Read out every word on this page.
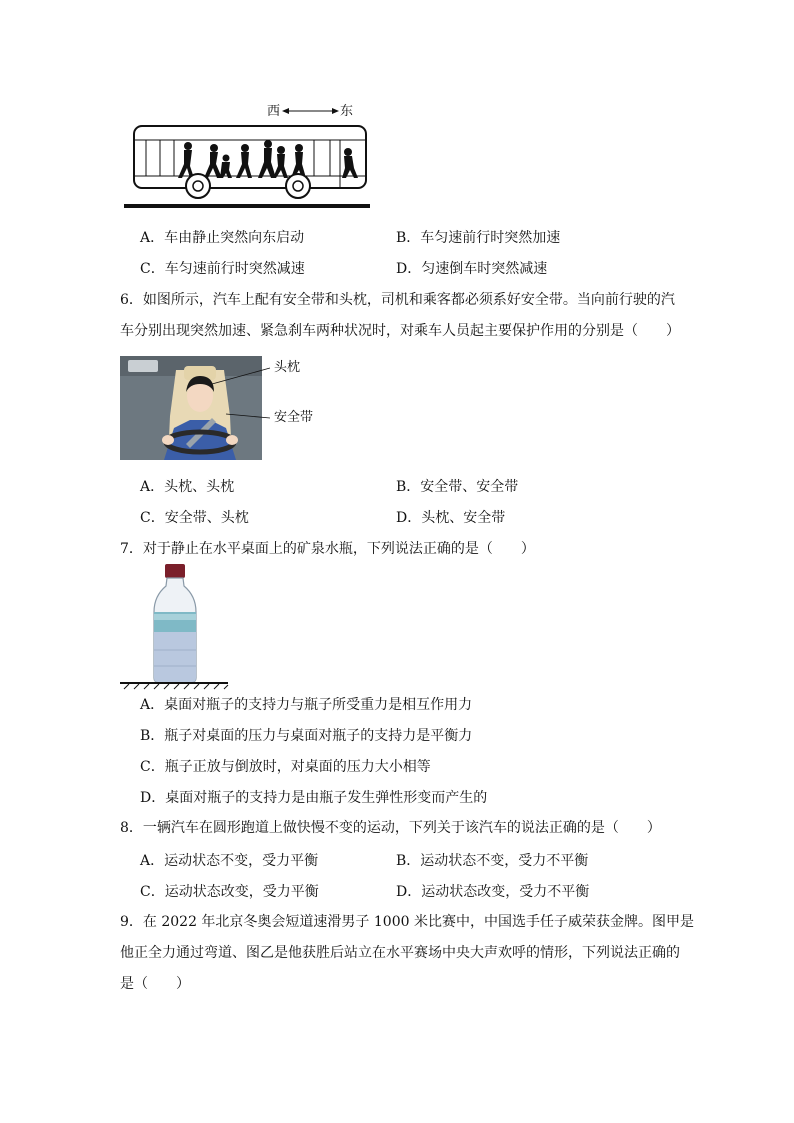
西	东
A．车由静止突然向东启动	B．车匀速前行时突然加速
C．车匀速前行时突然减速	D．匀速倒车时突然减速
6．如图所示，汽车上配有安全带和头枕，司机和乘客都必须系好安全带。当向前行驶的汽
车分别出现突然加速、紧急刹车两种状况时，对乘车人员起主要保护作用的分别是（　　）
头枕
安全带
A．头枕、头枕	B．安全带、安全带
C．安全带、头枕	D．头枕、安全带
7．对于静止在水平桌面上的矿泉水瓶，下列说法正确的是（　　）
A．桌面对瓶子的支持力与瓶子所受重力是相互作用力
B．瓶子对桌面的压力与桌面对瓶子的支持力是平衡力
C．瓶子正放与倒放时，对桌面的压力大小相等
D．桌面对瓶子的支持力是由瓶子发生弹性形变而产生的
8．一辆汽车在圆形跑道上做快慢不变的运动，下列关于该汽车的说法正确的是（　　）
A．运动状态不变，受力平衡	B．运动状态不变，受力不平衡
C．运动状态改变，受力平衡	D．运动状态改变，受力不平衡
9．在 2022 年北京冬奥会短道速滑男子 1000 米比赛中，中国选手任子威荣获金牌。图甲是
他正全力通过弯道、图乙是他获胜后站立在水平赛场中央大声欢呼的情形，下列说法正确的
是（　　）
